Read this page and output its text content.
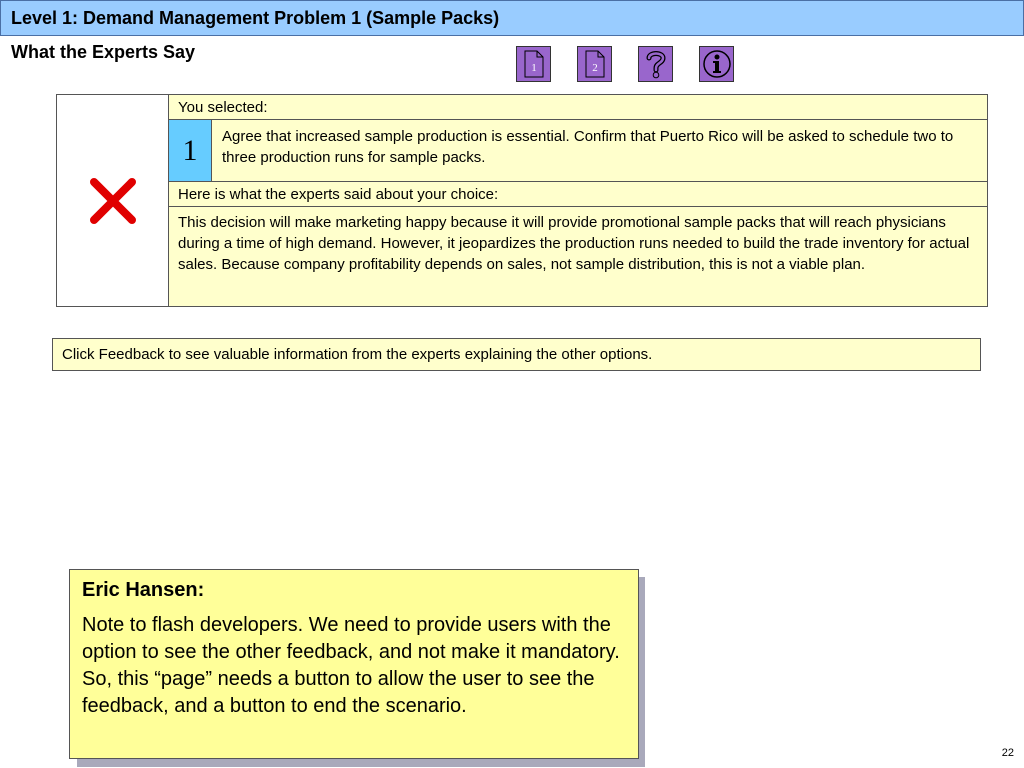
Level 1: Demand Management Problem 1 (Sample Packs)
What the Experts Say
1	2
You selected:
1	Agree that increased sample production is essential. Confirm that Puerto Rico will be asked to schedule two to three production runs for sample packs.
Here is what the experts said about your choice:
This decision will make marketing happy because it will provide promotional sample packs that will reach physicians during a time of high demand. However, it jeopardizes the production runs needed to build the trade inventory for actual sales. Because company profitability depends on sales, not sample distribution, this is not a viable plan.
Click Feedback to see valuable information from the experts explaining the other options.
Eric Hansen:
Note to flash developers. We need to provide users with the option to see the other feedback, and not make it mandatory. So, this “page” needs a button to allow the user to see the feedback, and a button to end the scenario.
22
